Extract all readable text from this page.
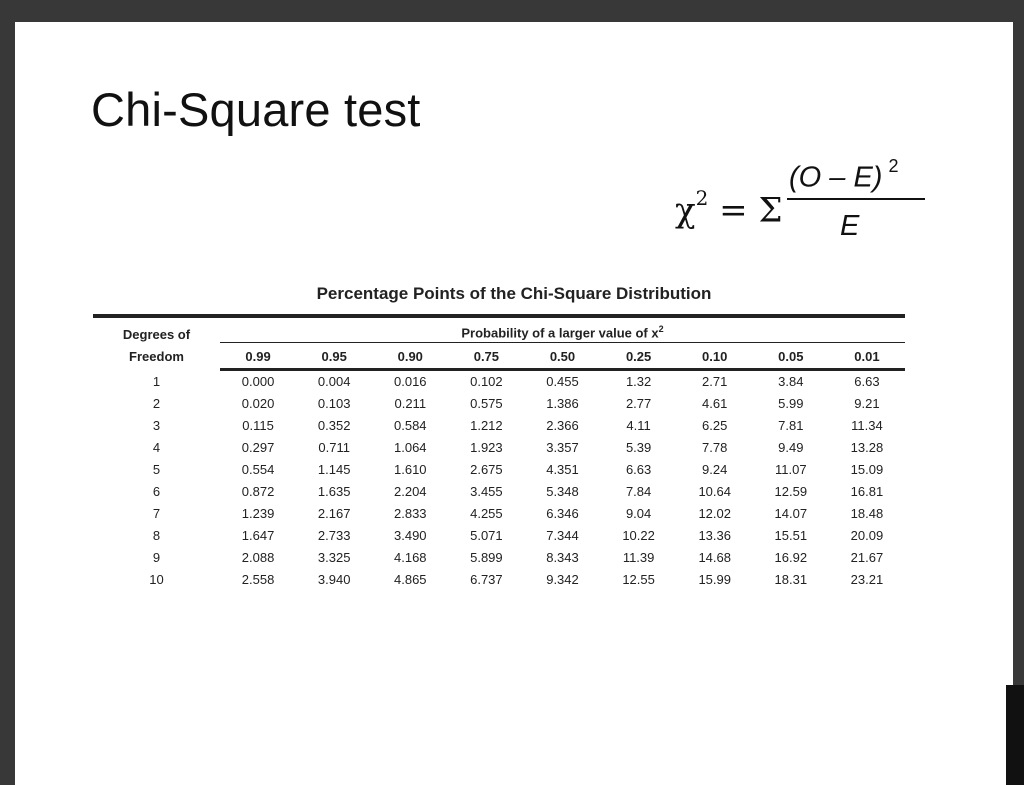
Chi-Square test
$\chi^2 = \Sigma$
(O – E) $^2$
E
Percentage Points of the Chi-Square Distribution
Degrees of
Freedom	Probability of a larger value of $x^2$
	0.99	0.95	0.90	0.75	0.50	0.25	0.10	0.05	0.01
1	0.000	0.004	0.016	0.102	0.455	1.32	2.71	3.84	6.63
2	0.020	0.103	0.211	0.575	1.386	2.77	4.61	5.99	9.21
3	0.115	0.352	0.584	1.212	2.366	4.11	6.25	7.81	11.34
4	0.297	0.711	1.064	1.923	3.357	5.39	7.78	9.49	13.28
5	0.554	1.145	1.610	2.675	4.351	6.63	9.24	11.07	15.09
6	0.872	1.635	2.204	3.455	5.348	7.84	10.64	12.59	16.81
7	1.239	2.167	2.833	4.255	6.346	9.04	12.02	14.07	18.48
8	1.647	2.733	3.490	5.071	7.344	10.22	13.36	15.51	20.09
9	2.088	3.325	4.168	5.899	8.343	11.39	14.68	16.92	21.67
10	2.558	3.940	4.865	6.737	9.342	12.55	15.99	18.31	23.21
